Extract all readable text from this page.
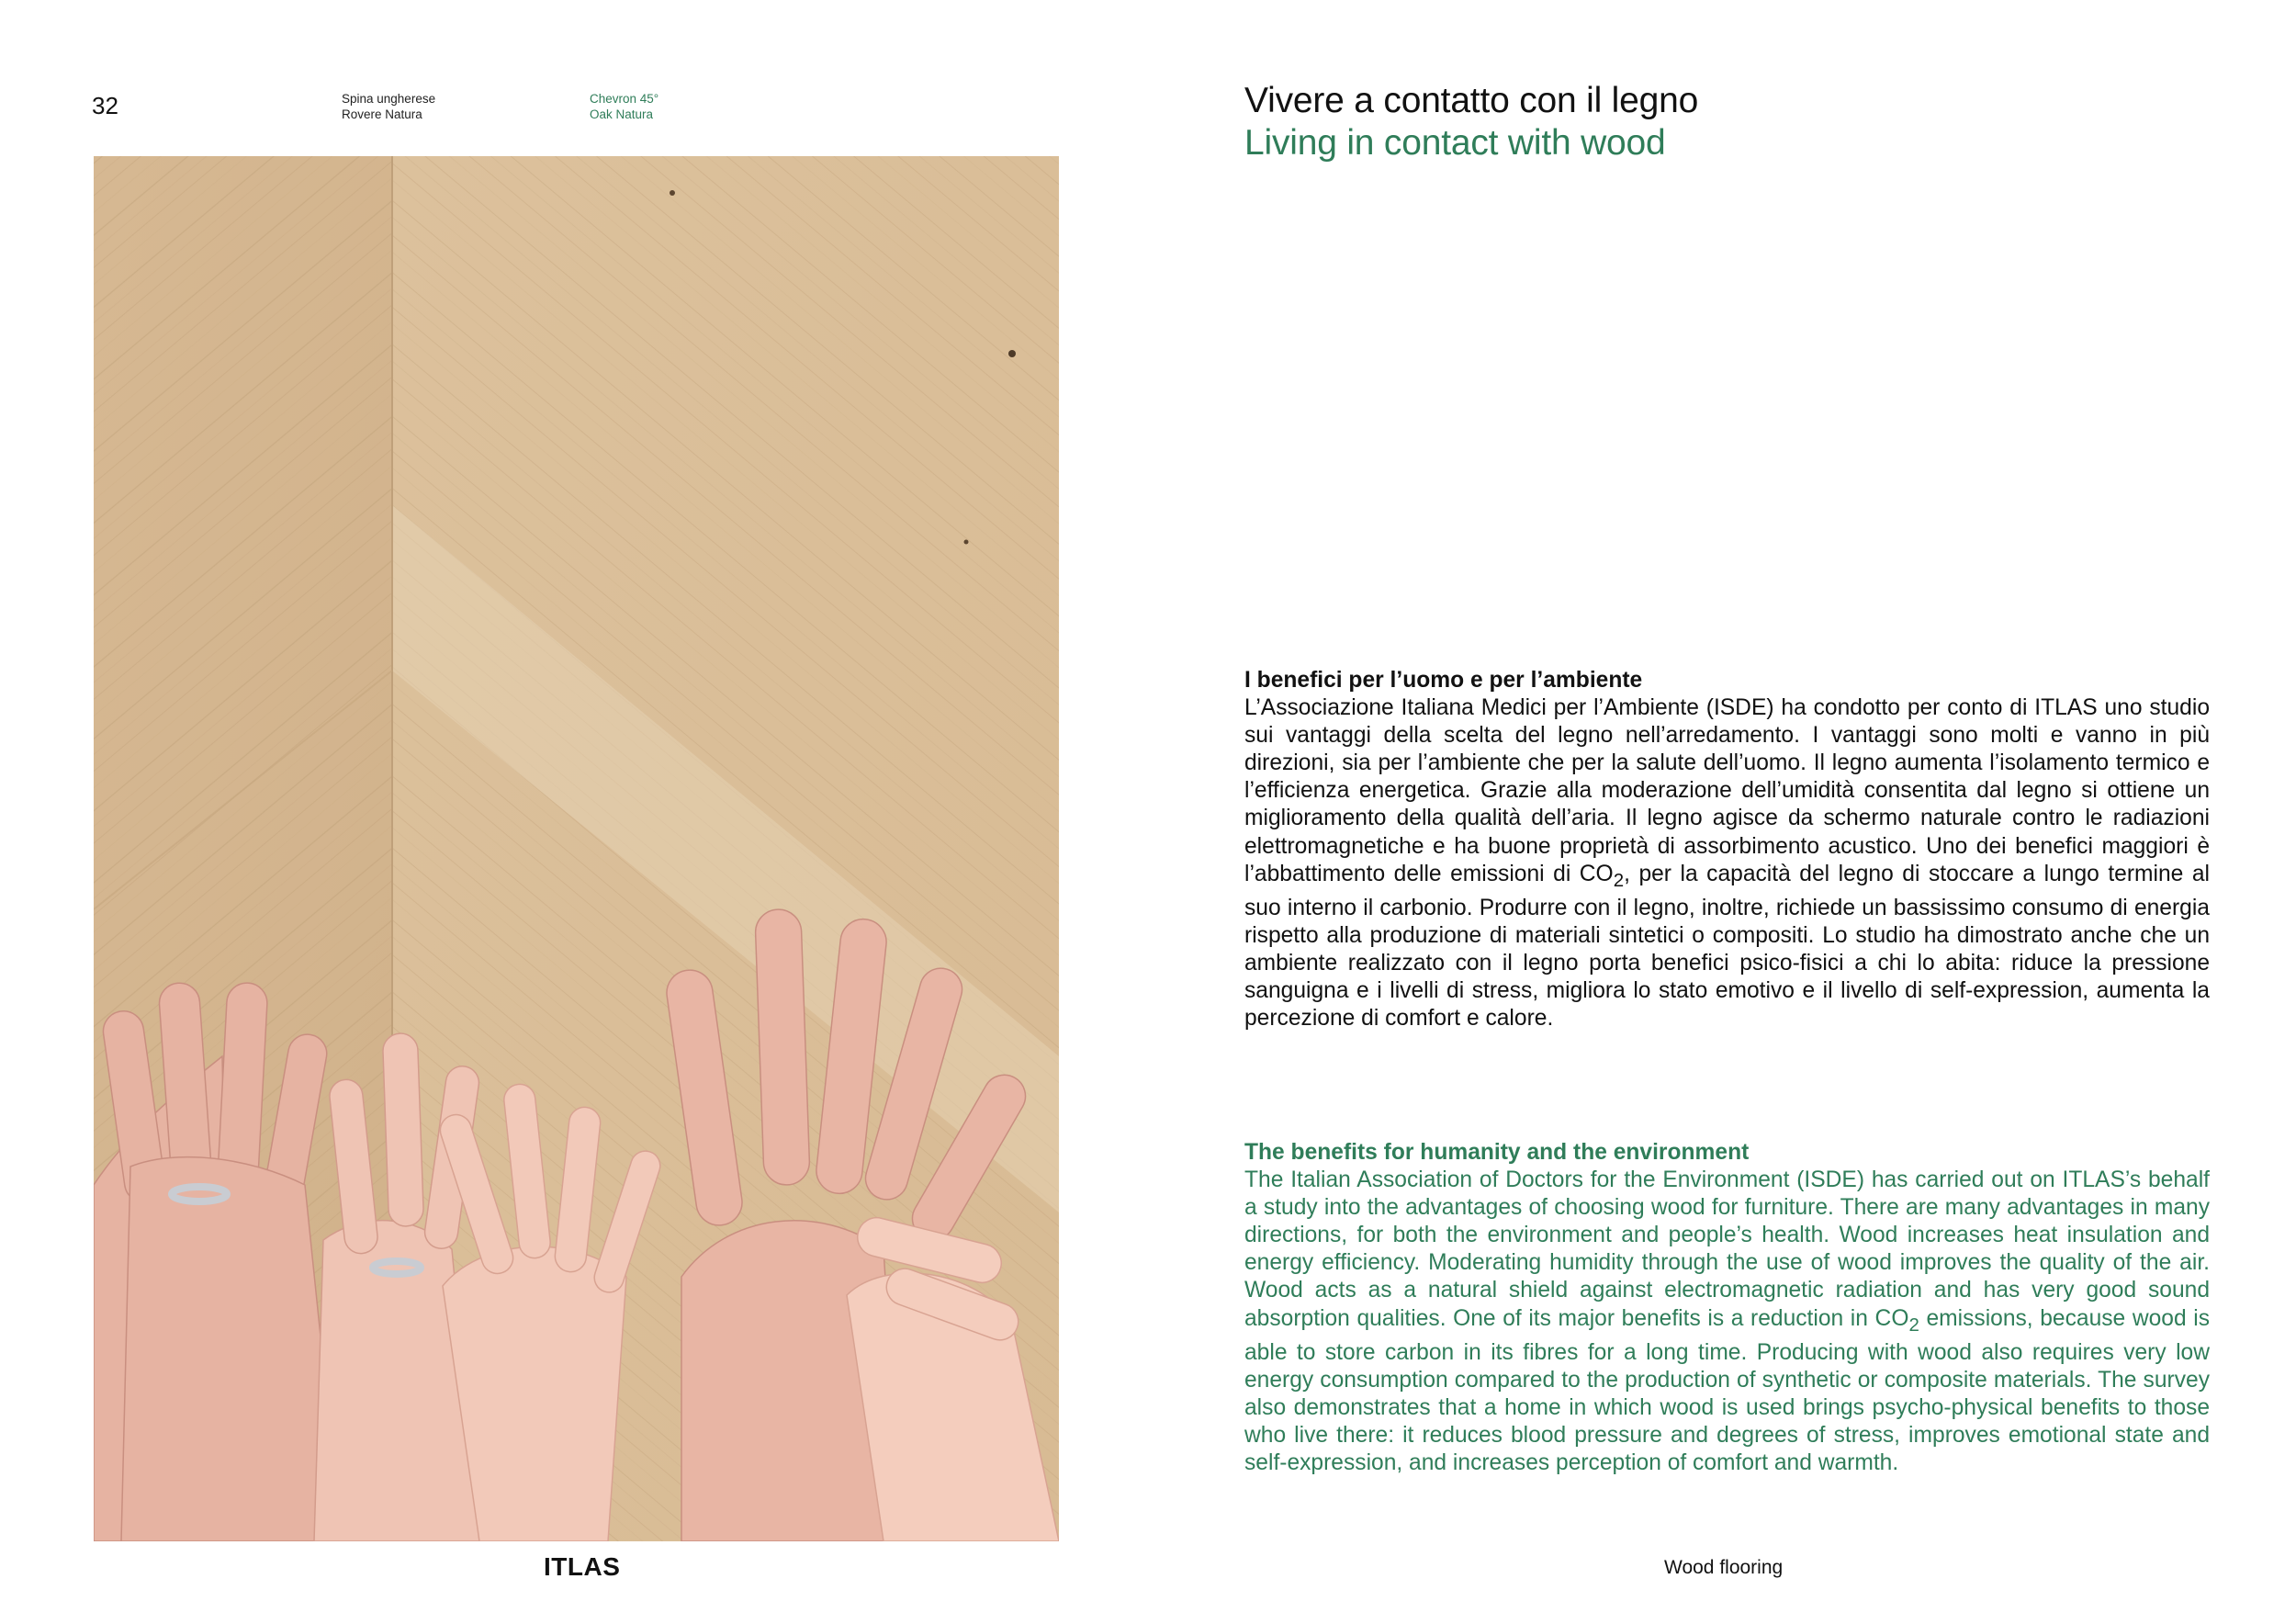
32	Spina ungherese
Rovere Natura
Chevron 45°
Oak Natura	Vivere a contatto con il legno
Living in contact with wood
I benefici per l’uomo e per l’ambiente
L’Associazione Italiana Medici per l’Ambiente (ISDE) ha condotto per conto di ITLAS uno studio sui vantaggi della scelta del legno nell’arredamento. I vantaggi sono molti e vanno in più direzioni, sia per l’ambiente che per la salute dell’uomo. Il legno aumenta l’isolamento termico e l’efficienza energetica. Grazie alla moderazione dell’umidità consentita dal legno si ottiene un miglioramento della qualità dell’aria. Il legno agisce da schermo naturale contro le radiazioni elettromagnetiche e ha buone proprietà di assorbimento acustico. Uno dei benefici maggiori è l’abbattimento delle emissioni di $CO_2$, per la capacità del legno di stoccare a lungo termine al suo interno il carbonio. Produrre con il legno, inoltre, richiede un bassissimo consumo di energia rispetto alla produzione di materiali sintetici o compositi. Lo studio ha dimostrato anche che un ambiente realizzato con il legno porta benefici psico-fisici a chi lo abita: riduce la pressione sanguigna e i livelli di stress, migliora lo stato emotivo e il livello di self-expression, aumenta la percezione di comfort e calore.
The benefits for humanity and the environment
The Italian Association of Doctors for the Environment (ISDE) has carried out on ITLAS’s behalf a study into the advantages of choosing wood for furniture. There are many advantages in many directions, for both the environment and people’s health. Wood increases heat insulation and energy efficiency. Moderating humidity through the use of wood improves the quality of the air. Wood acts as a natural shield against electromagnetic radiation and has very good sound absorption qualities. One of its major benefits is a reduction in $CO_2$ emissions, because wood is able to store carbon in its fibres for a long time. Producing with wood also requires very low energy consumption compared to the production of synthetic or composite materials. The survey also demonstrates that a home in which wood is used brings psycho-physical benefits to those who live there: it reduces blood pressure and degrees of stress, improves emotional state and self-expression, and increases perception of comfort and warmth.
ITLAS	Wood flooring
